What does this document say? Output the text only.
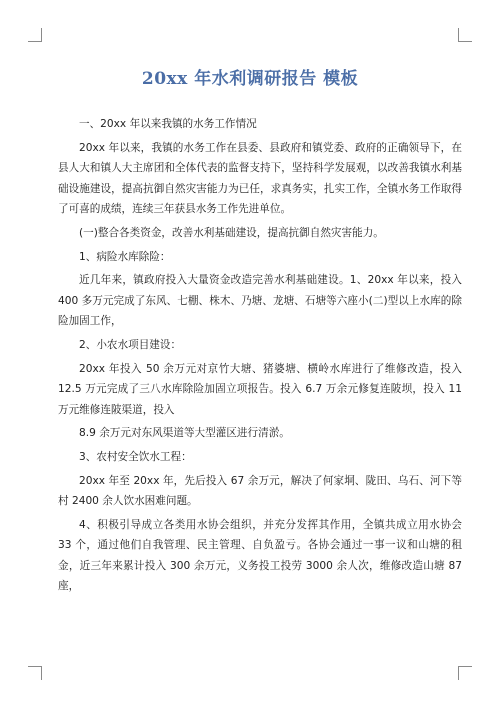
20xx 年水利调研报告 模板

一、20xx 年以来我镇的水务工作情况

20xx 年以来，我镇的水务工作在县委、县政府和镇党委、政府的正确领导下，在县人大和镇人大主席团和全体代表的监督支持下，坚持科学发展观，以改善我镇水利基础设施建设，提高抗御自然灾害能力为已任，求真务实，扎实工作，全镇水务工作取得了可喜的成绩，连续三年获县水务工作先进单位。

(一)整合各类资金，改善水利基础建设，提高抗御自然灾害能力。

1、病险水库除险：

近几年来，镇政府投入大量资金改造完善水利基础建设。1、20xx 年以来，投入 400 多万元完成了东风、七棚、株木、乃塘、龙塘、石塘等六座小(二)型以上水库的除险加固工作，

2、小农水项目建设：

20xx 年投入 50 余万元对京竹大塘、猪婆塘、横岭水库进行了维修改造，投入 12.5 万元完成了三八水库除险加固立项报告。投入 6.7 万余元修复连陂坝，投入 11 万元维修连陂渠道，投入

8.9 余万元对东风渠道等大型灌区进行清淤。

3、农村安全饮水工程：

20xx 年至 20xx 年，先后投入 67 余万元，解决了何家垌、陇田、乌石、河下等村 2400 余人饮水困难问题。

4、积极引导成立各类用水协会组织，并充分发挥其作用，全镇共成立用水协会 33 个，通过他们自我管理、民主管理、自负盈亏。各协会通过一事一议和山塘的租金，近三年来累计投入 300 余万元，义务投工投劳 3000 余人次，维修改造山塘 87 座，
